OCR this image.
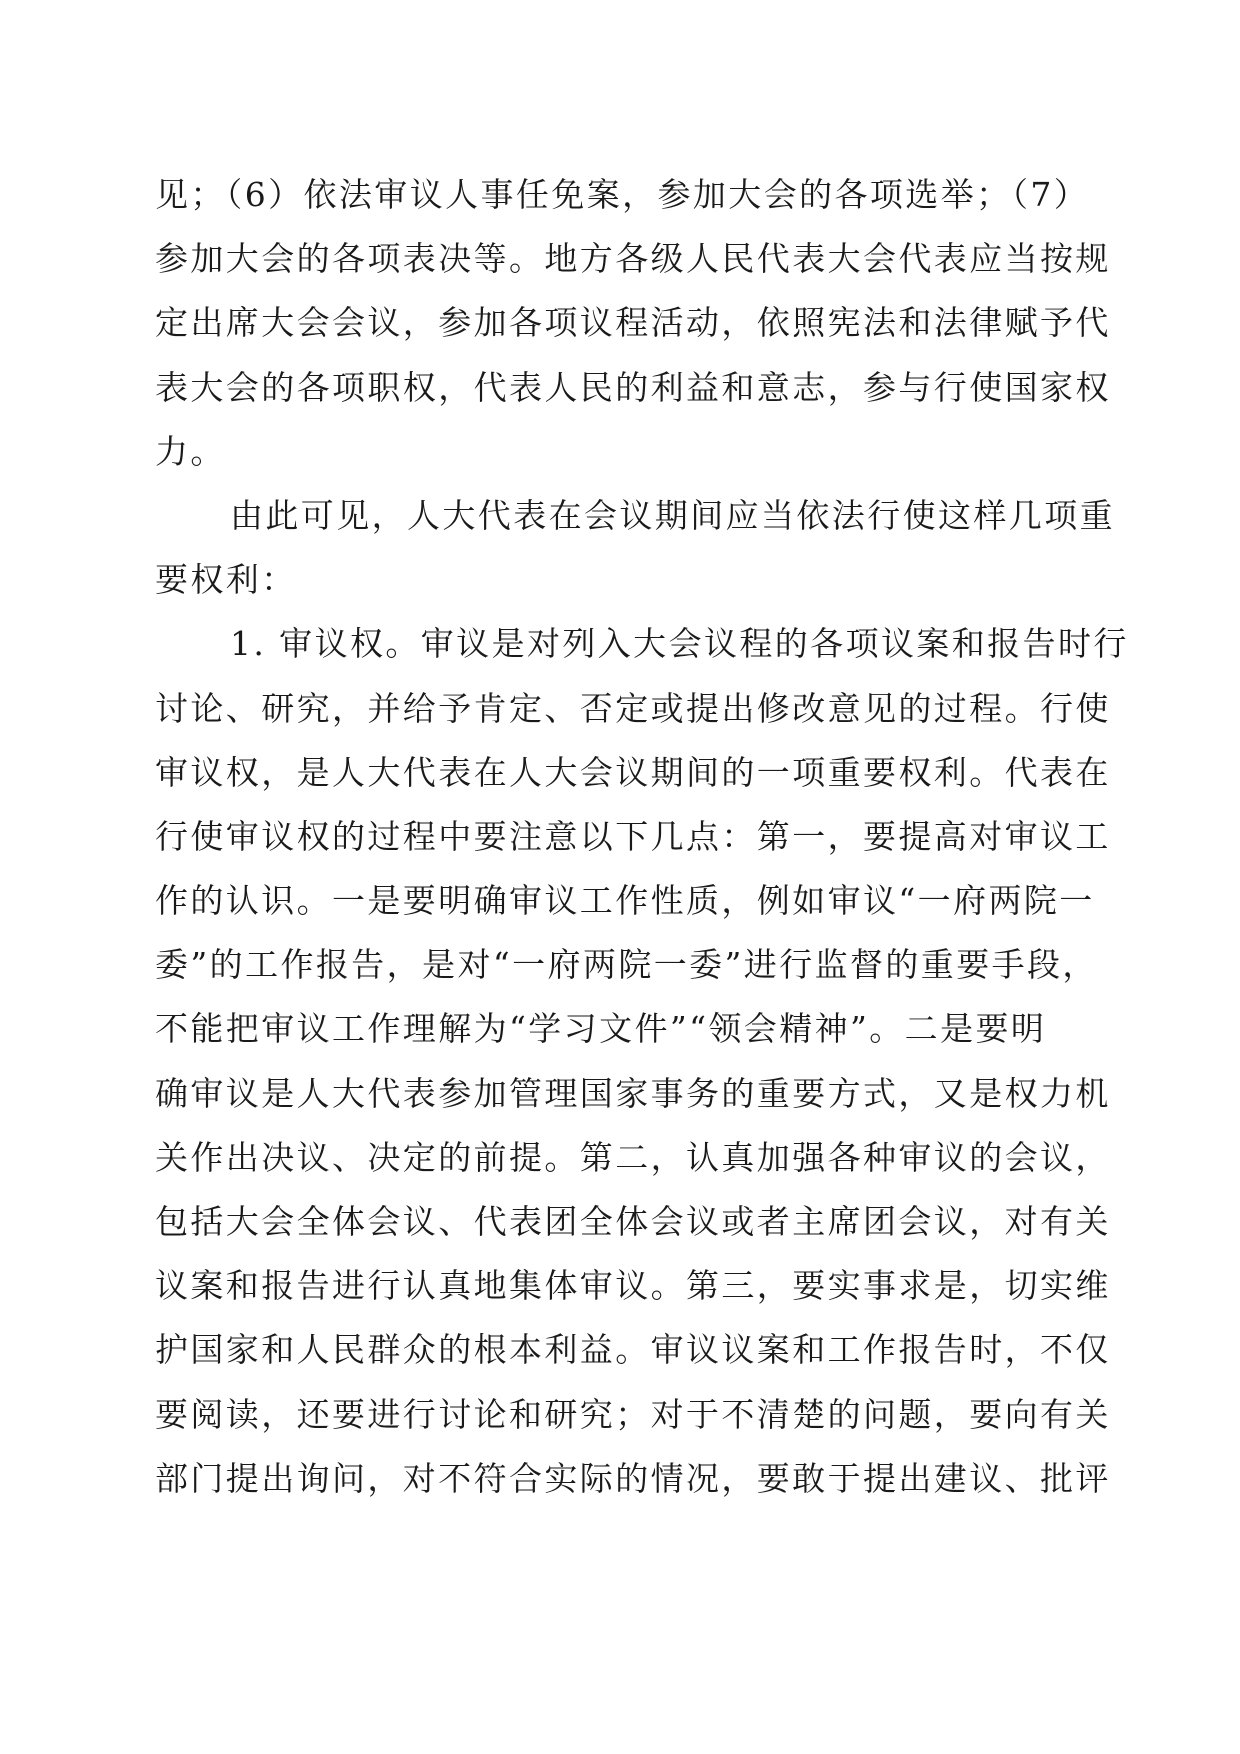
见；（6）依法审议人事任免案，参加大会的各项选举；（7）
参加大会的各项表决等。地方各级人民代表大会代表应当按规
定出席大会会议，参加各项议程活动，依照宪法和法律赋予代
表大会的各项职权，代表人民的利益和意志，参与行使国家权
力。
由此可见，人大代表在会议期间应当依法行使这样几项重
要权利：
1. 审议权。审议是对列入大会议程的各项议案和报告时行
讨论、研究，并给予肯定、否定或提出修改意见的过程。行使
审议权，是人大代表在人大会议期间的一项重要权利。代表在
行使审议权的过程中要注意以下几点：第一，要提高对审议工
作的认识。一是要明确审议工作性质，例如审议“一府两院一
委”的工作报告，是对“一府两院一委”进行监督的重要手段，
不能把审议工作理解为“学习文件”“领会精神”。二是要明
确审议是人大代表参加管理国家事务的重要方式，又是权力机
关作出决议、决定的前提。第二，认真加强各种审议的会议，
包括大会全体会议、代表团全体会议或者主席团会议，对有关
议案和报告进行认真地集体审议。第三，要实事求是，切实维
护国家和人民群众的根本利益。审议议案和工作报告时，不仅
要阅读，还要进行讨论和研究；对于不清楚的问题，要向有关
部门提出询问，对不符合实际的情况，要敢于提出建议、批评
